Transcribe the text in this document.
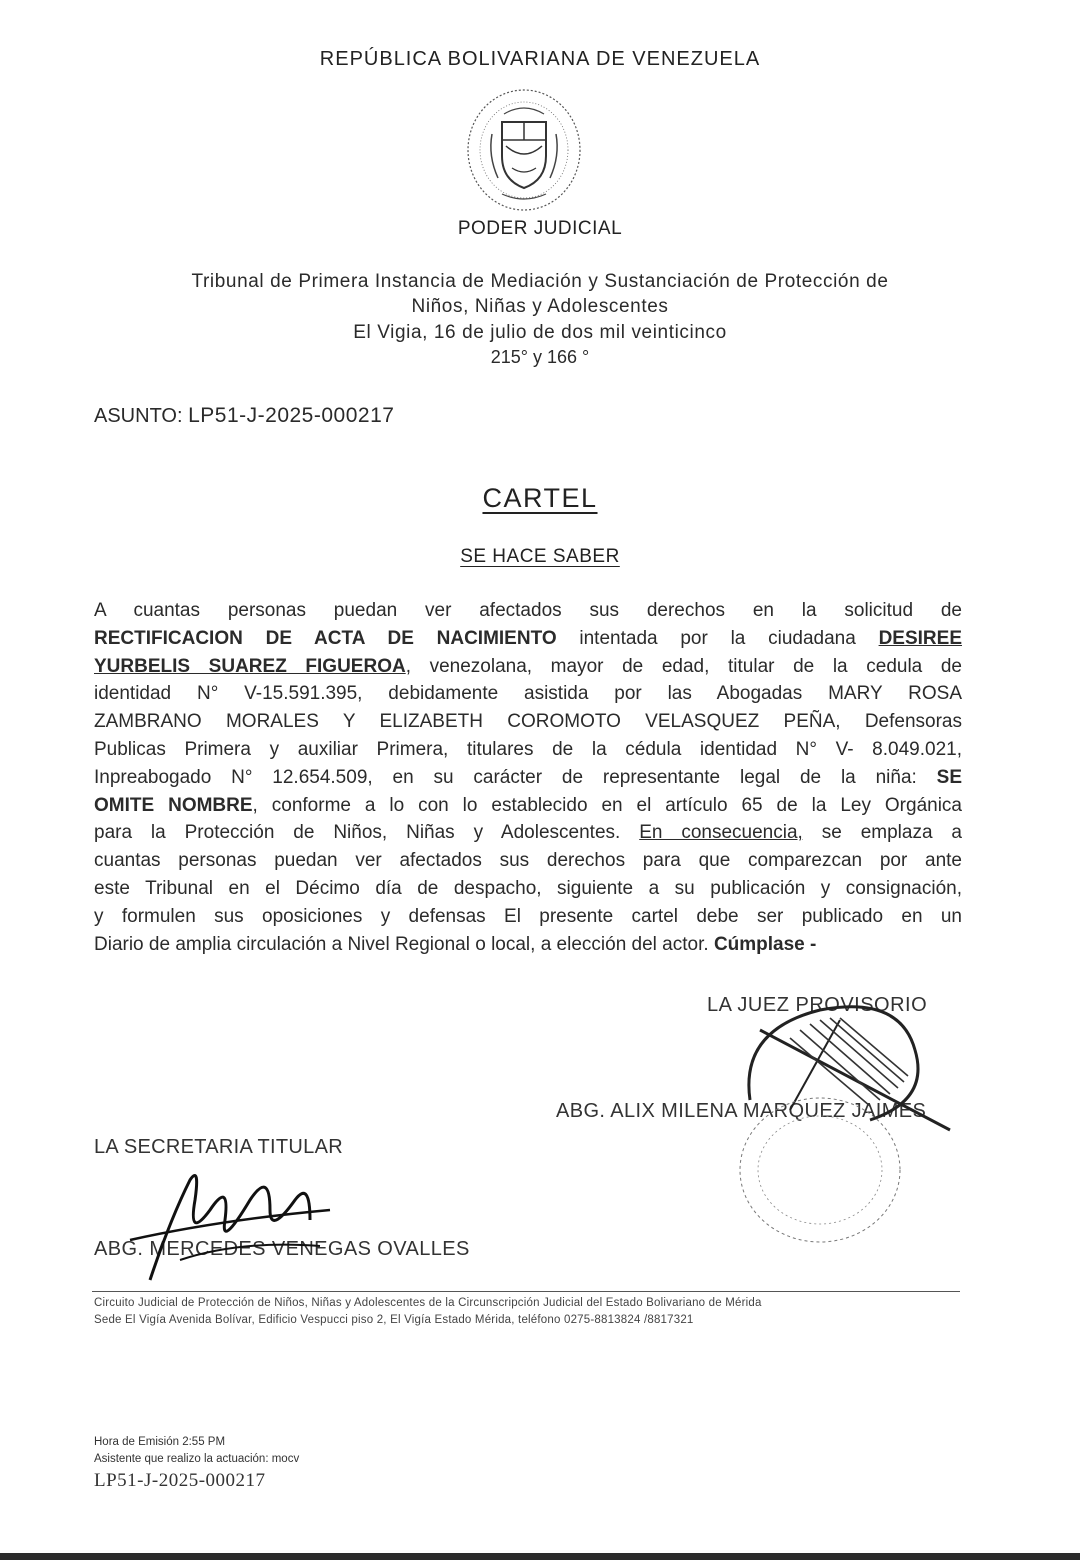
REPÚBLICA BOLIVARIANA DE VENEZUELA
PODER JUDICIAL
Tribunal de Primera Instancia de Mediación y Sustanciación de Protección de
Niños, Niñas y Adolescentes
El Vigia, 16 de julio de dos mil veinticinco
215° y 166 °
ASUNTO: LP51-J-2025-000217
CARTEL
SE HACE SABER
A cuantas personas puedan ver afectados sus derechos en la solicitud de
RECTIFICACION DE ACTA DE NACIMIENTO intentada por la ciudadana DESIREE
YURBELIS SUAREZ FIGUEROA, venezolana, mayor de edad, titular de la cedula de
identidad N° V-15.591.395, debidamente asistida por las Abogadas MARY ROSA
ZAMBRANO MORALES Y ELIZABETH COROMOTO VELASQUEZ PEÑA, Defensoras
Publicas Primera y auxiliar Primera, titulares de la cédula identidad N° V- 8.049.021,
Inpreabogado N° 12.654.509, en su carácter de representante legal de la niña: SE
OMITE NOMBRE, conforme a lo con lo establecido en el artículo 65 de la Ley Orgánica
para la Protección de Niños, Niñas y Adolescentes. En consecuencia, se emplaza a
cuantas personas puedan ver afectados sus derechos para que comparezcan por ante
este Tribunal en el Décimo día de despacho, siguiente a su publicación y consignación,
y formulen sus oposiciones y defensas El presente cartel debe ser publicado en un
Diario de amplia circulación a Nivel Regional o local, a elección del actor. Cúmplase -
LA JUEZ PROVISORIO
ABG. ALIX MILENA MARQUEZ JAIMES
LA SECRETARIA TITULAR
ABG. MERCEDES VENEGAS OVALLES
Circuito Judicial de Protección de Niños, Niñas y Adolescentes de la Circunscripción Judicial del Estado Bolivariano de Mérida
Sede El Vigía Avenida Bolívar, Edificio Vespucci piso 2, El Vigía Estado Mérida, teléfono 0275-8813824 /8817321
Hora de Emisión 2:55 PM
Asistente que realizo la actuación: mocv
LP51-J-2025-000217
